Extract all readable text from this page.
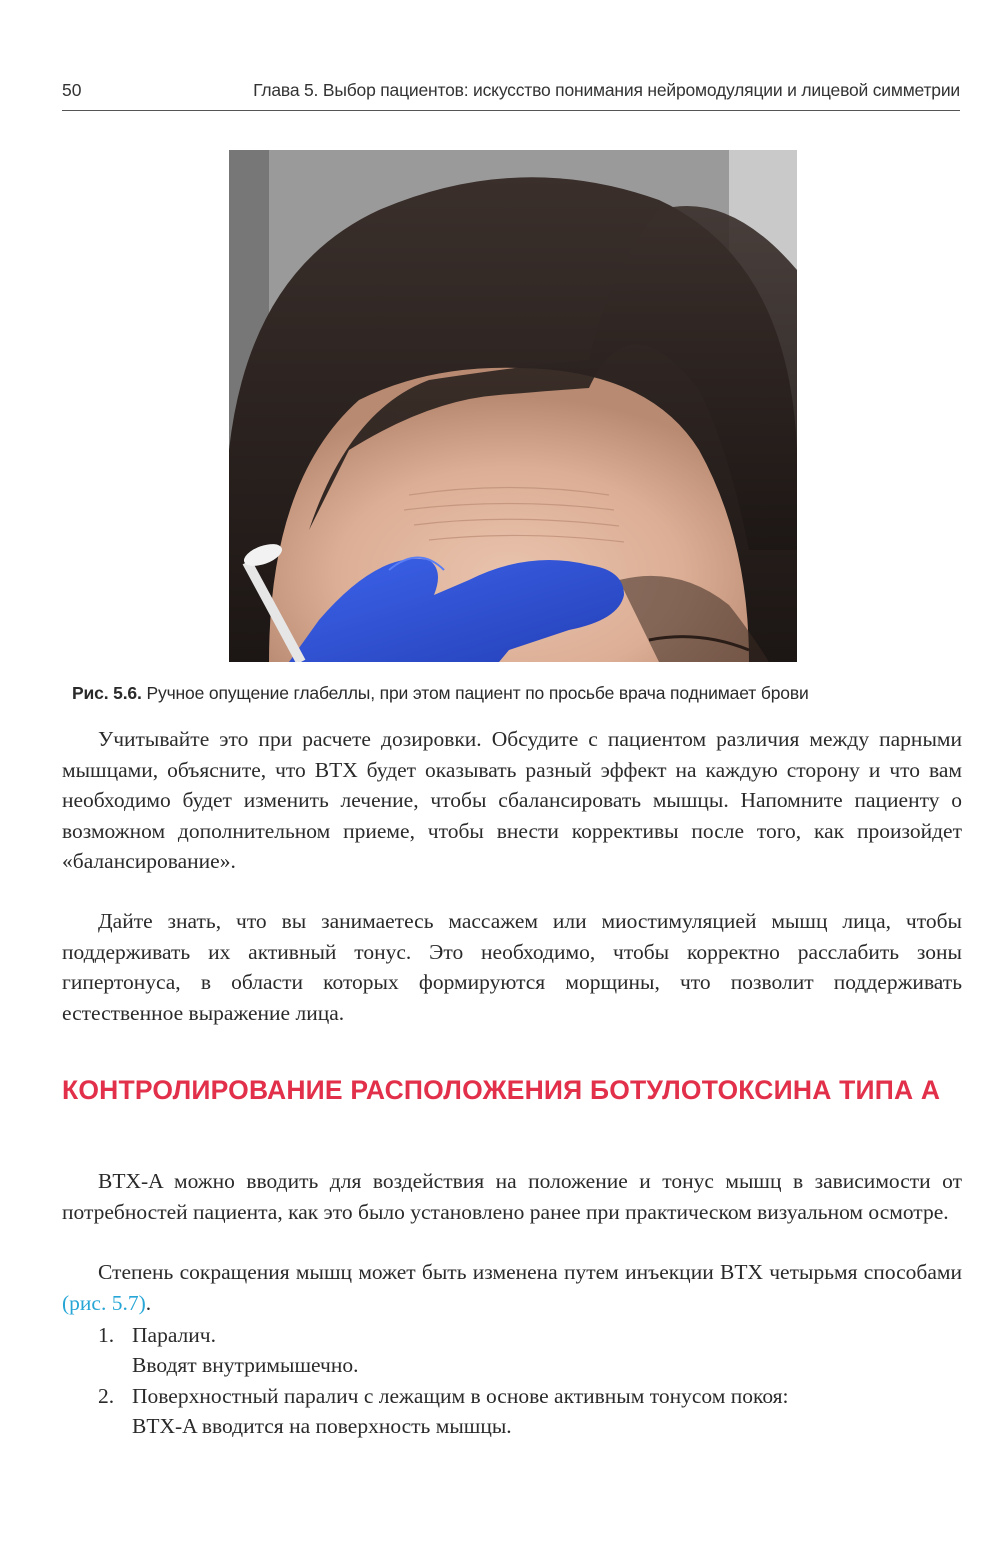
50	Глава 5. Выбор пациентов: искусство понимания нейромодуляции и лицевой симметрии
Рис. 5.6. Ручное опущение глабеллы, при этом пациент по просьбе врача поднимает брови
Учитывайте это при расчете дозировки. Обсудите с пациентом различия между парными мышцами, объясните, что BTX будет оказывать разный эффект на каждую сторону и что вам необходимо будет изменить лечение, чтобы сбалансировать мышцы. Напомните пациенту о возможном дополнительном приеме, чтобы внести коррективы после того, как произойдет «балансирование».
Дайте знать, что вы занимаетесь массажем или миостимуляцией мышц лица, чтобы поддерживать их активный тонус. Это необходимо, чтобы корректно расслабить зоны гипертонуса, в области которых формируются морщины, что позволит поддерживать естественное выражение лица.
КОНТРОЛИРОВАНИЕ РАСПОЛОЖЕНИЯ БОТУЛОТОКСИНА ТИПА А
BTX-A можно вводить для воздействия на положение и тонус мышц в зависимости от потребностей пациента, как это было установлено ранее при практическом визуальном осмотре.
Степень сокращения мышц может быть изменена путем инъекции BTX четырьмя способами (рис. 5.7).
1. Паралич.
Вводят внутримышечно.
2. Поверхностный паралич с лежащим в основе активным тонусом покоя:
BTX-A вводится на поверхность мышцы.
